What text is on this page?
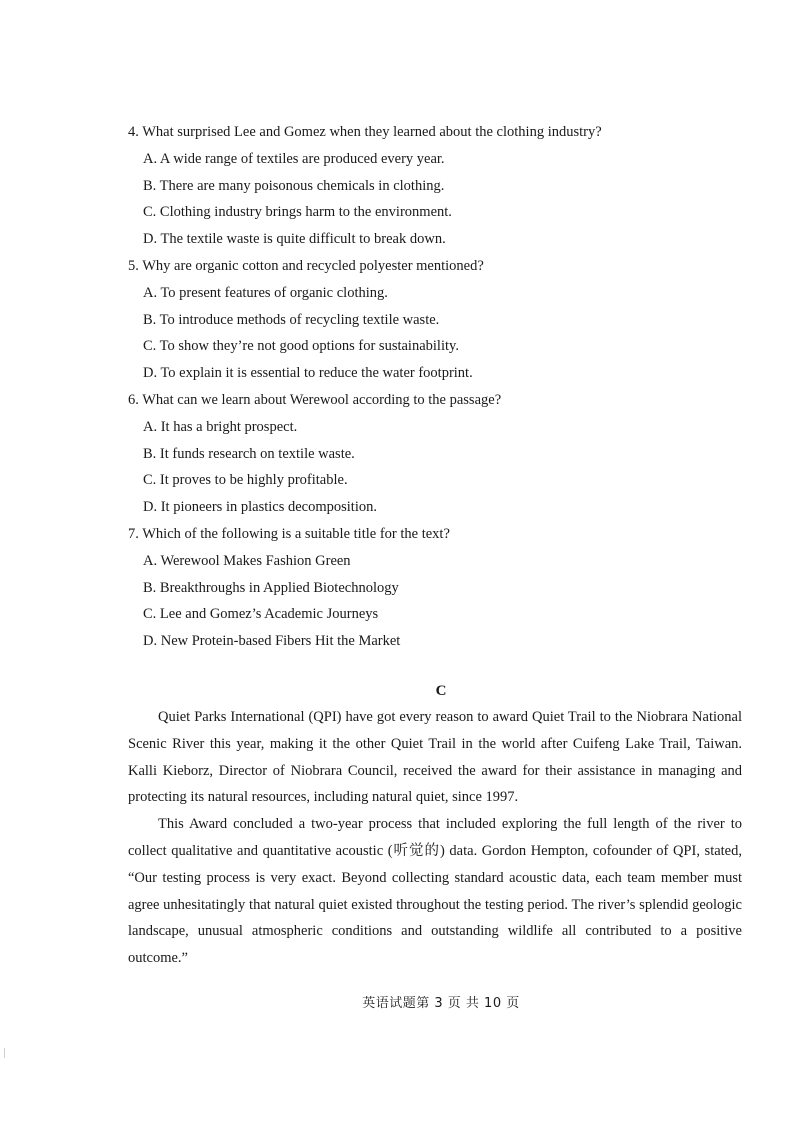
4. What surprised Lee and Gomez when they learned about the clothing industry?
A. A wide range of textiles are produced every year.
B. There are many poisonous chemicals in clothing.
C. Clothing industry brings harm to the environment.
D. The textile waste is quite difficult to break down.
5. Why are organic cotton and recycled polyester mentioned?
A. To present features of organic clothing.
B. To introduce methods of recycling textile waste.
C. To show they’re not good options for sustainability.
D. To explain it is essential to reduce the water footprint.
6. What can we learn about Werewool according to the passage?
A. It has a bright prospect.
B. It funds research on textile waste.
C. It proves to be highly profitable.
D. It pioneers in plastics decomposition.
7. Which of the following is a suitable title for the text?
A. Werewool Makes Fashion Green
B. Breakthroughs in Applied Biotechnology
C. Lee and Gomez’s Academic Journeys
D. New Protein-based Fibers Hit the Market
C

Quiet Parks International (QPI) have got every reason to award Quiet Trail to the Niobrara National Scenic River this year, making it the other Quiet Trail in the world after Cuifeng Lake Trail, Taiwan. Kalli Kieborz, Director of Niobrara Council, received the award for their assistance in managing and protecting its natural resources, including natural quiet, since 1997.

This Award concluded a two-year process that included exploring the full length of the river to collect qualitative and quantitative acoustic (听觉的) data. Gordon Hempton, cofounder of QPI, stated, “Our testing process is very exact. Beyond collecting standard acoustic data, each team member must agree unhesitatingly that natural quiet existed throughout the testing period. The river’s splendid geologic landscape, unusual atmospheric conditions and outstanding wildlife all contributed to a positive outcome.”

英语试题第 3 页 共 10 页
